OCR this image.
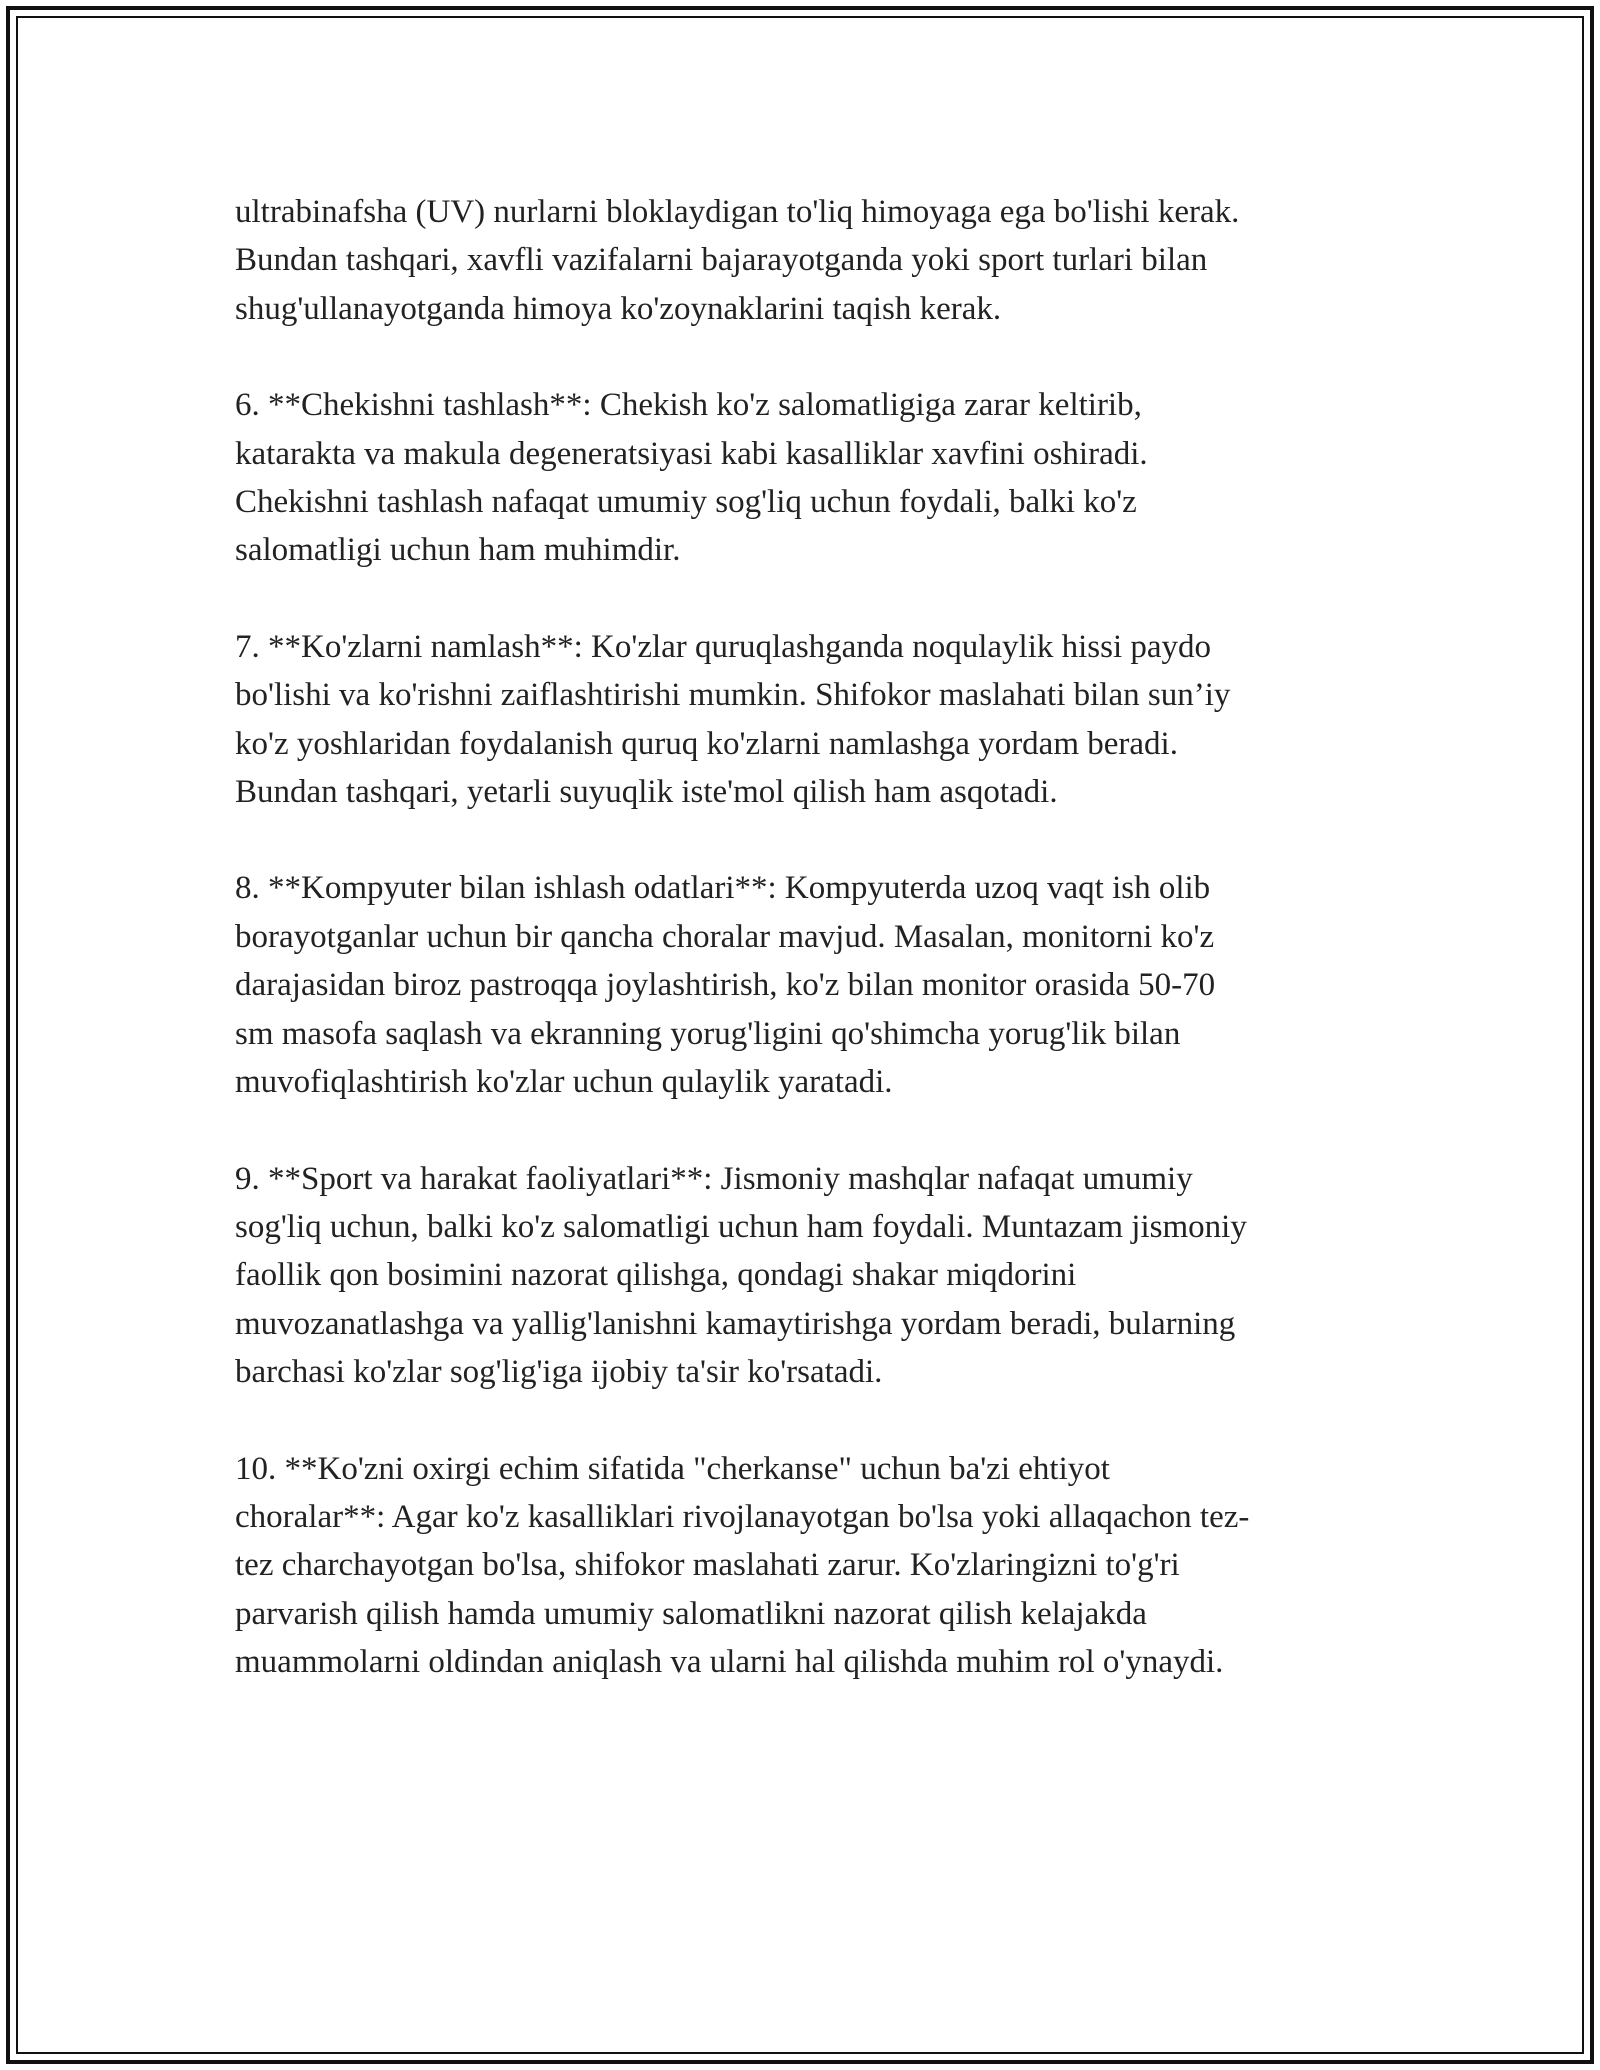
ultrabinafsha (UV) nurlarni bloklaydigan to'liq himoyaga ega bo'lishi kerak.
Bundan tashqari, xavfli vazifalarni bajarayotganda yoki sport turlari bilan
shug'ullanayotganda himoya ko'zoynaklarini taqish kerak.

6. **Chekishni tashlash**: Chekish ko'z salomatligiga zarar keltirib,
katarakta va makula degeneratsiyasi kabi kasalliklar xavfini oshiradi.
Chekishni tashlash nafaqat umumiy sog'liq uchun foydali, balki ko'z
salomatligi uchun ham muhimdir.

7. **Ko'zlarni namlash**: Ko'zlar quruqlashganda noqulaylik hissi paydo
bo'lishi va ko'rishni zaiflashtirishi mumkin. Shifokor maslahati bilan sun’iy
ko'z yoshlaridan foydalanish quruq ko'zlarni namlashga yordam beradi.
Bundan tashqari, yetarli suyuqlik iste'mol qilish ham asqotadi.

8. **Kompyuter bilan ishlash odatlari**: Kompyuterda uzoq vaqt ish olib
borayotganlar uchun bir qancha choralar mavjud. Masalan, monitorni ko'z
darajasidan biroz pastroqqa joylashtirish, ko'z bilan monitor orasida 50-70
sm masofa saqlash va ekranning yorug'ligini qo'shimcha yorug'lik bilan
muvofiqlashtirish ko'zlar uchun qulaylik yaratadi.

9. **Sport va harakat faoliyatlari**: Jismoniy mashqlar nafaqat umumiy
sog'liq uchun, balki ko'z salomatligi uchun ham foydali. Muntazam jismoniy
faollik qon bosimini nazorat qilishga, qondagi shakar miqdorini
muvozanatlashga va yallig'lanishni kamaytirishga yordam beradi, bularning
barchasi ko'zlar sog'lig'iga ijobiy ta'sir ko'rsatadi.

10. **Ko'zni oxirgi echim sifatida "cherkanse" uchun ba'zi ehtiyot
choralar**: Agar ko'z kasalliklari rivojlanayotgan bo'lsa yoki allaqachon tez-
tez charchayotgan bo'lsa, shifokor maslahati zarur. Ko'zlaringizni to'g'ri
parvarish qilish hamda umumiy salomatlikni nazorat qilish kelajakda
muammolarni oldindan aniqlash va ularni hal qilishda muhim rol o'ynaydi.
